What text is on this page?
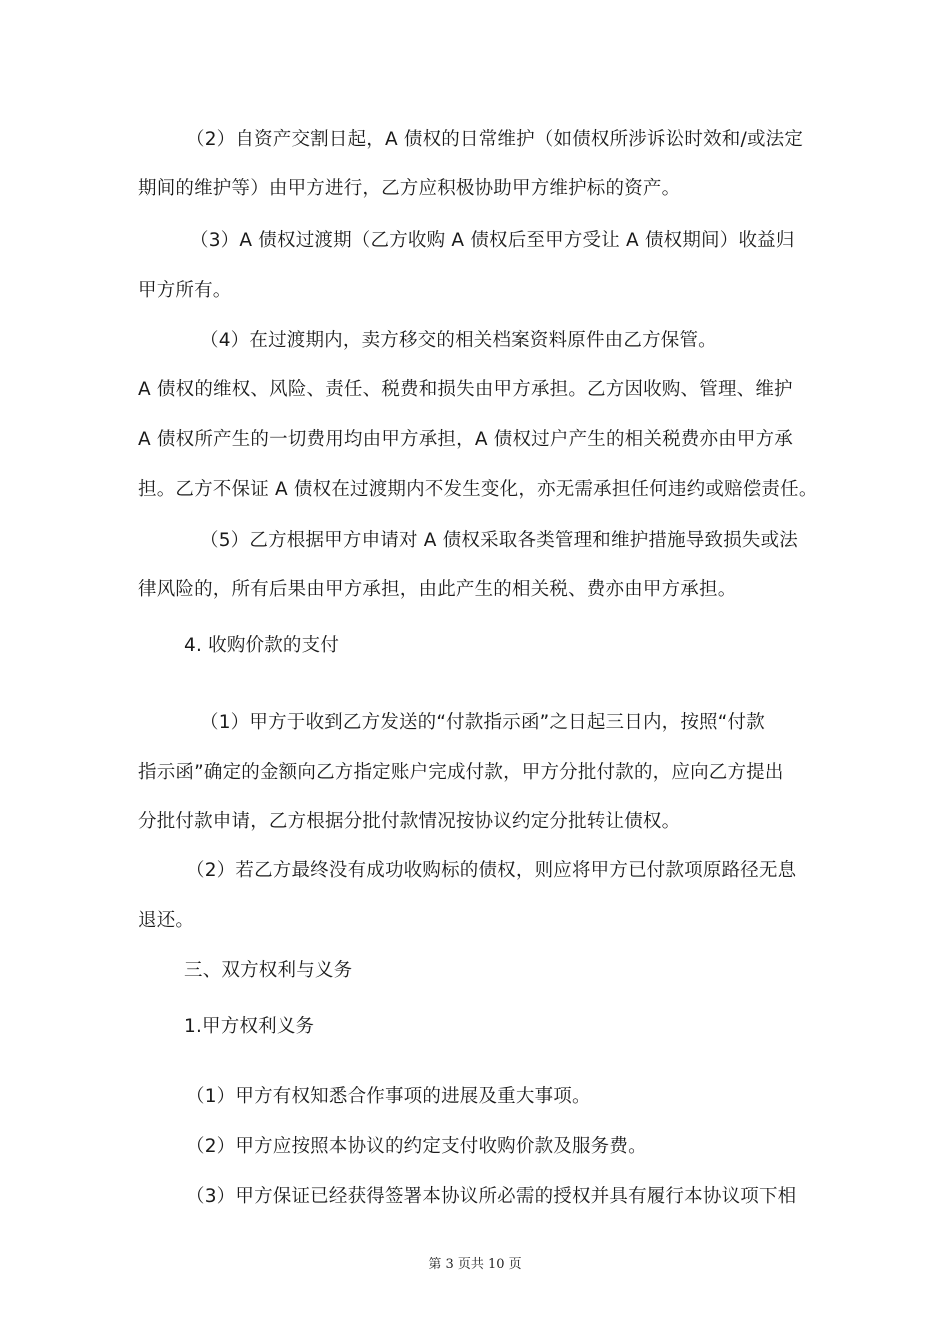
（2）自资产交割日起，A 债权的日常维护（如债权所涉诉讼时效和/或法定
期间的维护等）由甲方进行，乙方应积极协助甲方维护标的资产。
（3）A 债权过渡期（乙方收购 A 债权后至甲方受让 A 债权期间）收益归
甲方所有。
（4）在过渡期内，卖方移交的相关档案资料原件由乙方保管。
A 债权的维权、风险、责任、税费和损失由甲方承担。乙方因收购、管理、维护
A 债权所产生的一切费用均由甲方承担，A 债权过户产生的相关税费亦由甲方承
担。乙方不保证 A 债权在过渡期内不发生变化，亦无需承担任何违约或赔偿责任。
（5）乙方根据甲方申请对 A 债权采取各类管理和维护措施导致损失或法
律风险的，所有后果由甲方承担，由此产生的相关税、费亦由甲方承担。
4. 收购价款的支付
（1）甲方于收到乙方发送的“付款指示函”之日起三日内，按照“付款
指示函”确定的金额向乙方指定账户完成付款，甲方分批付款的，应向乙方提出
分批付款申请，乙方根据分批付款情况按协议约定分批转让债权。
（2）若乙方最终没有成功收购标的债权，则应将甲方已付款项原路径无息
退还。
三、双方权利与义务
1.甲方权利义务
（1）甲方有权知悉合作事项的进展及重大事项。
（2）甲方应按照本协议的约定支付收购价款及服务费。
（3）甲方保证已经获得签署本协议所必需的授权并具有履行本协议项下相
第 3 页共 10 页
